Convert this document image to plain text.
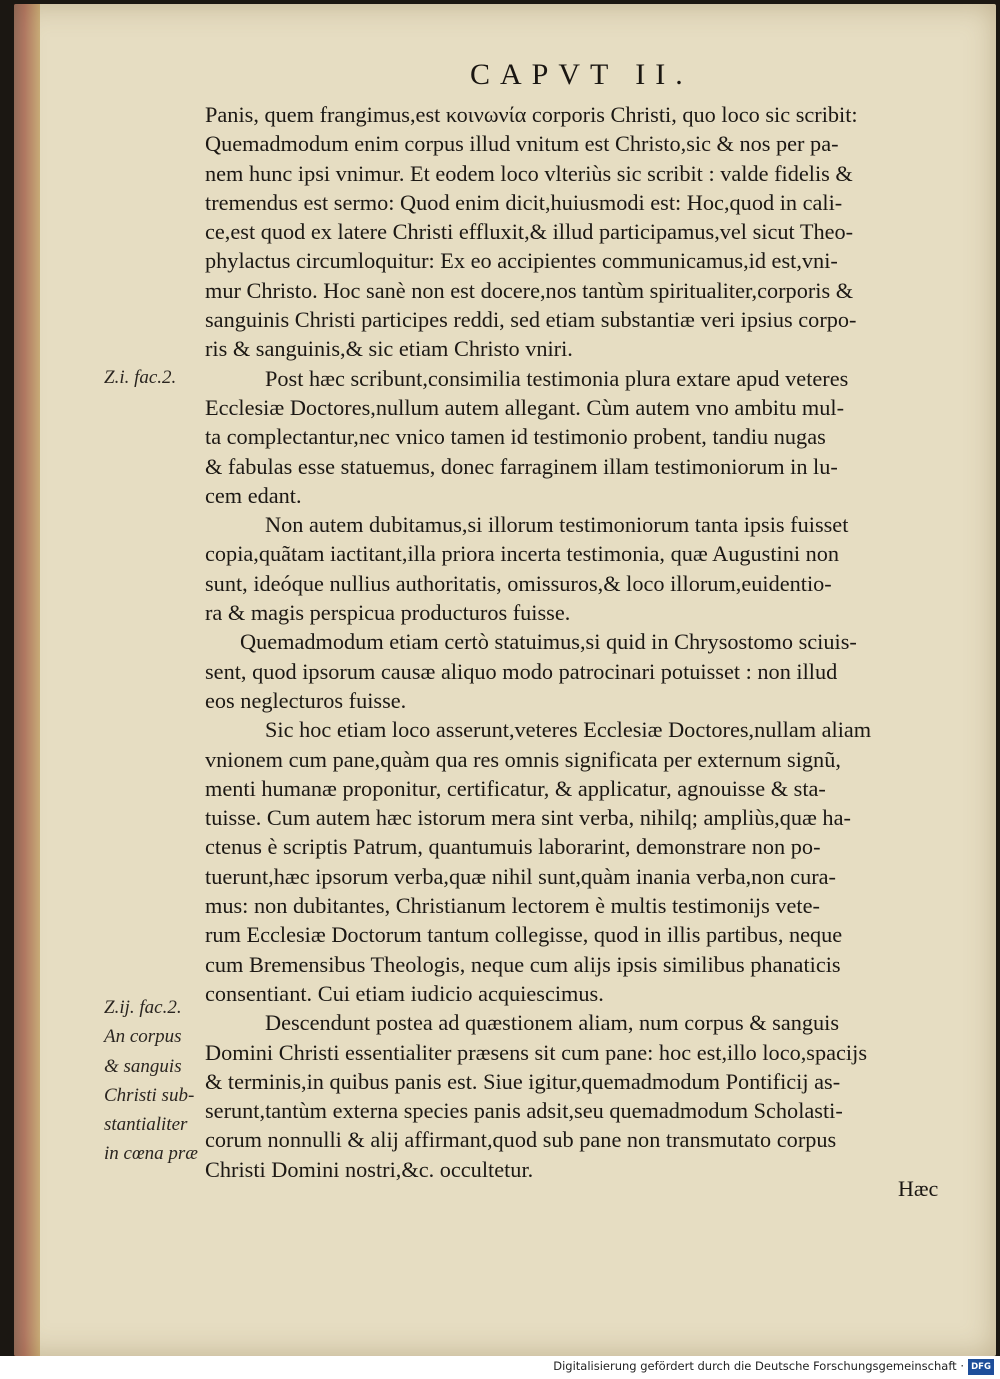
CAPVT II.
Panis, quem frangimus,est κοινωνία corporis Christi, quo loco sic scribit:
Quemadmodum enim corpus illud vnitum est Christo,sic & nos per pa-
nem hunc ipsi vnimur. Et eodem loco vlteriùs sic scribit : valde fidelis &
tremendus est sermo: Quod enim dicit,huiusmodi est: Hoc,quod in cali-
ce,est quod ex latere Christi effluxit,& illud participamus,vel sicut Theo-
phylactus circumloquitur: Ex eo accipientes communicamus,id est,vni-
mur Christo. Hoc sanè non est docere,nos tantùm spiritualiter,corporis &
sanguinis Christi participes reddi, sed etiam substantiæ veri ipsius corpo-
ris & sanguinis,& sic etiam Christo vniri.
Post hæc scribunt,consimilia testimonia plura extare apud veteres
Ecclesiæ Doctores,nullum autem allegant. Cùm autem vno ambitu mul-
ta complectantur,nec vnico tamen id testimonio probent, tandiu nugas
& fabulas esse statuemus, donec farraginem illam testimoniorum in lu-
cem edant.
Non autem dubitamus,si illorum testimoniorum tanta ipsis fuisset
copia,quãtam iactitant,illa priora incerta testimonia, quæ Augustini non
sunt, ideóque nullius authoritatis, omissuros,& loco illorum,euidentio-
ra & magis perspicua producturos fuisse.
Quemadmodum etiam certò statuimus,si quid in Chrysostomo sciuis-
sent, quod ipsorum causæ aliquo modo patrocinari potuisset : non illud
eos neglecturos fuisse.
Sic hoc etiam loco asserunt,veteres Ecclesiæ Doctores,nullam aliam
vnionem cum pane,quàm qua res omnis significata per externum signũ,
menti humanæ proponitur, certificatur, & applicatur, agnouisse & sta-
tuisse. Cum autem hæc istorum mera sint verba, nihilq; ampliùs,quæ ha-
ctenus è scriptis Patrum, quantumuis laborarint, demonstrare non po-
tuerunt,hæc ipsorum verba,quæ nihil sunt,quàm inania verba,non cura-
mus: non dubitantes, Christianum lectorem è multis testimonijs vete-
rum Ecclesiæ Doctorum tantum collegisse, quod in illis partibus, neque
cum Bremensibus Theologis, neque cum alijs ipsis similibus phanaticis
consentiant. Cui etiam iudicio acquiescimus.
Descendunt postea ad quæstionem aliam, num corpus & sanguis
Domini Christi essentialiter præsens sit cum pane: hoc est,illo loco,spacijs
& terminis,in quibus panis est. Siue igitur,quemadmodum Pontificij as-
serunt,tantùm externa species panis adsit,seu quemadmodum Scholasti-
corum nonnulli & alij affirmant,quod sub pane non transmutato corpus
Christi Domini nostri,&c. occultetur.
Z.i. fac.2.
Z.ij. fac.2.
An corpus
& sanguis
Christi sub-
stantialiter
in cœna præ
Hæc
Digitalisierung gefördert durch die Deutsche Forschungsgemeinschaft · DFG
